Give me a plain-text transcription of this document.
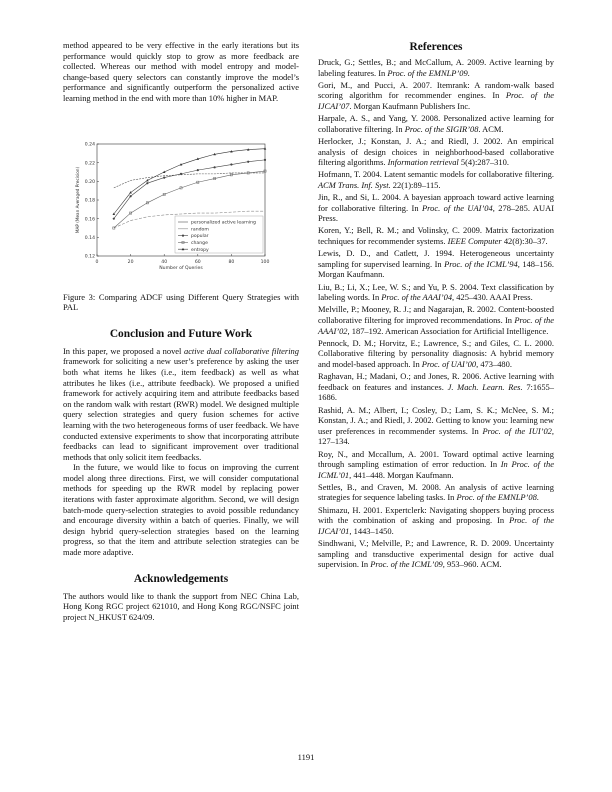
method appeared to be very effective in the early iterations but its performance would quickly stop to grow as more feedback are collected. Whereas our method with model entropy and model-change-based query selectors can constantly improve the model’s performance and significantly outperform the personalized active learning method in the end with more than 10% higher in MAP.

0	20	40	60	80	100
0.12
0.14
0.16
0.18
0.20
0.22
0.24
Number of Queries
MAP (Mean Averaged Precision)	personalized active learning
random
popular
change
entropy

Figure 3: Comparing ADCF using Different Query Strategies with PAL

Conclusion and Future Work

In this paper, we proposed a novel active dual collaborative filtering framework for soliciting a new user’s preference by asking the user both what items he likes (i.e., item feedback) as well as what attributes he likes (i.e., attribute feedback). We proposed a unified framework for actively acquiring item and attribute feedbacks based on the random walk with restart (RWR) model. We designed multiple query selection strategies and query fusion schemes for active learning with the two heterogeneous forms of user feedback. We have conducted extensive experiments to show that incorporating attribute feedbacks can lead to significant improvement over traditional methods that only solicit item feedbacks.

In the future, we would like to focus on improving the current model along three directions. First, we will consider computational methods for speeding up the RWR model by replacing power iterations with faster approximate algorithm. Second, we will design batch-mode query-selection strategies to avoid possible redundancy and encourage diversity within a batch of queries. Finally, we will design hybrid query-selection strategies based on the learning progress, so that the item and attribute selection strategies can be made more adaptive.

Acknowledgements

The authors would like to thank the support from NEC China Lab, Hong Kong RGC project 621010, and Hong Kong RGC/NSFC joint project N_HKUST 624/09.

References

Druck, G.; Settles, B.; and McCallum, A. 2009. Active learning by labeling features. In Proc. of the EMNLP’09.

Gori, M., and Pucci, A. 2007. Itemrank: A random-walk based scoring algorithm for recommender engines. In Proc. of the IJCAI’07. Morgan Kaufmann Publishers Inc.

Harpale, A. S., and Yang, Y. 2008. Personalized active learning for collaborative filtering. In Proc. of the SIGIR’08. ACM.

Herlocker, J.; Konstan, J. A.; and Riedl, J. 2002. An empirical analysis of design choices in neighborhood-based collaborative filtering algorithms. Information retrieval 5(4):287–310.

Hofmann, T. 2004. Latent semantic models for collaborative filtering. ACM Trans. Inf. Syst. 22(1):89–115.

Jin, R., and Si, L. 2004. A bayesian approach toward active learning for collaborative filtering. In Proc. of the UAI’04, 278–285. AUAI Press.

Koren, Y.; Bell, R. M.; and Volinsky, C. 2009. Matrix factorization techniques for recommender systems. IEEE Computer 42(8):30–37.

Lewis, D. D., and Catlett, J. 1994. Heterogeneous uncertainty sampling for supervised learning. In Proc. of the ICML’94, 148–156. Morgan Kaufmann.

Liu, B.; Li, X.; Lee, W. S.; and Yu, P. S. 2004. Text classification by labeling words. In Proc. of the AAAI’04, 425–430. AAAI Press.

Melville, P.; Mooney, R. J.; and Nagarajan, R. 2002. Content-boosted collaborative filtering for improved recommendations. In Proc. of the AAAI’02, 187–192. American Association for Artificial Intelligence.

Pennock, D. M.; Horvitz, E.; Lawrence, S.; and Giles, C. L. 2000. Collaborative filtering by personality diagnosis: A hybrid memory and model-based approach. In Proc. of UAI’00, 473–480.

Raghavan, H.; Madani, O.; and Jones, R. 2006. Active learning with feedback on features and instances. J. Mach. Learn. Res. 7:1655–1686.

Rashid, A. M.; Albert, I.; Cosley, D.; Lam, S. K.; McNee, S. M.; Konstan, J. A.; and Riedl, J. 2002. Getting to know you: learning new user preferences in recommender systems. In Proc. of the IUI’02, 127–134.

Roy, N., and Mccallum, A. 2001. Toward optimal active learning through sampling estimation of error reduction. In In Proc. of the ICML’01, 441–448. Morgan Kaufmann.

Settles, B., and Craven, M. 2008. An analysis of active learning strategies for sequence labeling tasks. In Proc. of the EMNLP’08.

Shimazu, H. 2001. Expertclerk: Navigating shoppers buying process with the combination of asking and proposing. In Proc. of the IJCAI’01, 1443–1450.

Sindhwani, V.; Melville, P.; and Lawrence, R. D. 2009. Uncertainty sampling and transductive experimental design for active dual supervision. In Proc. of the ICML’09, 953–960. ACM.

1191
